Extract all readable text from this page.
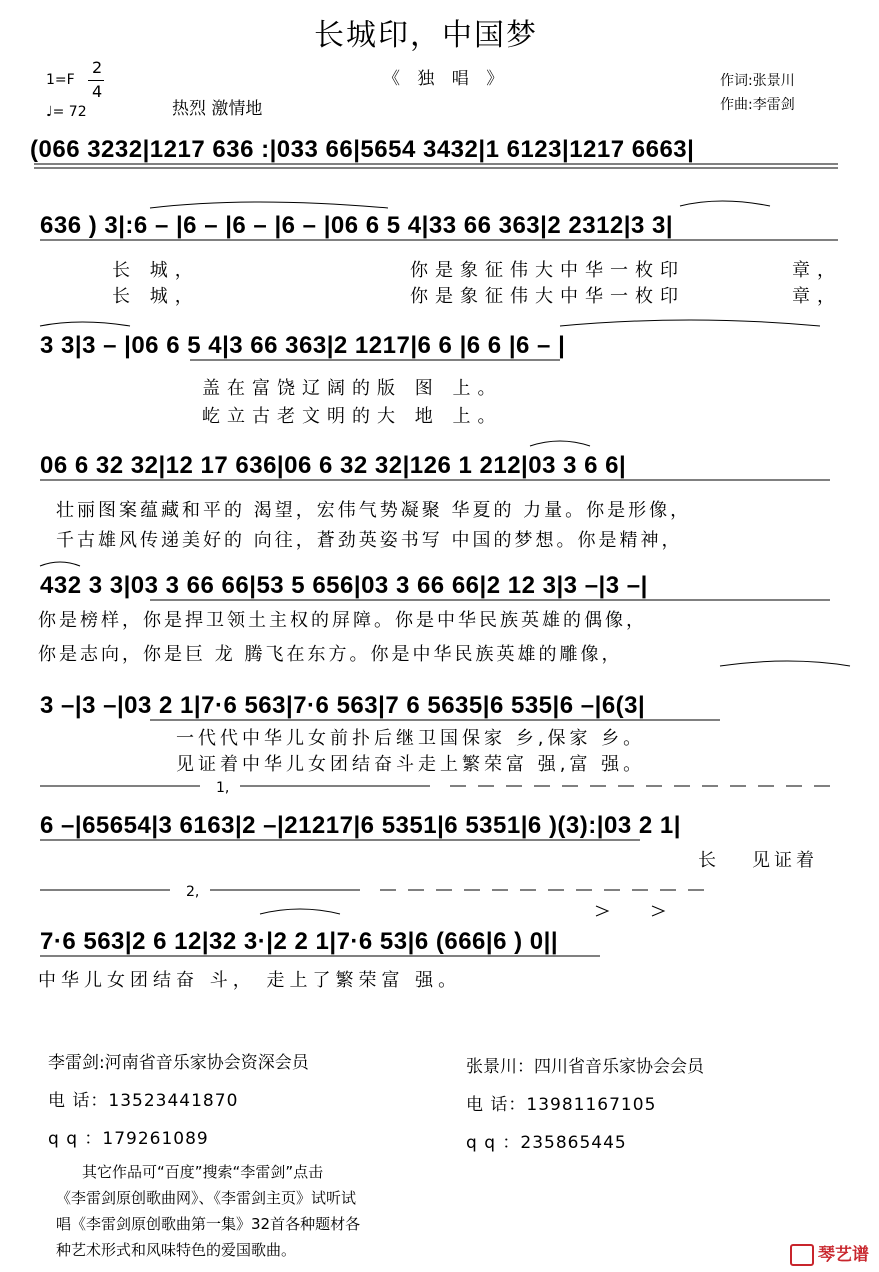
长城印，中国梦
《 独 唱 》
1=F
2
4
♩= 72	热烈 激情地
作词:张景川
作曲:李雷剑
(066 3232|1217 636 :|033 66|5654 3432|1 6123|1217 6663|
636 ) 3|:6 – |6 – |6 – |6 – |06 6 5 4|33 66 363|2 2312|3 3|
长 城，	你是象征伟大中华一枚印	章，
长 城，	你是象征伟大中华一枚印	章，
3 3|3 – |06 6 5 4|3 66 363|2 1217|6 6 |6 6 |6 – |
盖在富饶辽阔的版 图 上。
屹立古老文明的大 地 上。
06 6 32 32|12 17 636|06 6 32 32|126 1 212|03 3 6 6|
壮丽图案蕴藏和平的 渴望，宏伟气势凝聚 华夏的 力量。你是形像，
千古雄风传递美好的 向往，蒼劲英姿书写 中国的梦想。你是精神，
432 3 3|03 3 66 66|53 5 656|03 3 66 66|2 12 3|3 –|3 –|
你是榜样，你是捍卫领土主权的屏障。你是中华民族英雄的偶像，
你是志向，你是巨 龙 腾飞在东方。你是中华民族英雄的雕像，
3 –|3 –|03 2 1|7·6 563|7·6 563|7 6 5635|6 535|6 –|6(3|
一代代中华儿女前扑后继卫国保家 乡,保家 乡。
见证着中华儿女团结奋斗走上繁荣富 强,富 强。
1,
6 –|65654|3 6163|2 –|21217|6 5351|6 5351|6 )(3):|03 2 1|
长 见证着
2,
7·6 563|2 6 12|32 3·|2 2 1|7·6 53|6 (666|6 ) 0||
中华儿女团结奋 斗， 走上了繁荣富 强。
李雷剑:河南省音乐家协会资深会员
电 话：13523441870
q q ：179261089
张景川：四川省音乐家协会会员
电 话：13981167105
q q ：235865445
其它作品可“百度”搜索“李雷剑”点击
《李雷剑原创歌曲网》、《李雷剑主页》试听试
唱《李雷剑原创歌曲第一集》32首各种题材各
种艺术形式和风味特色的爱国歌曲。	琴艺谱
